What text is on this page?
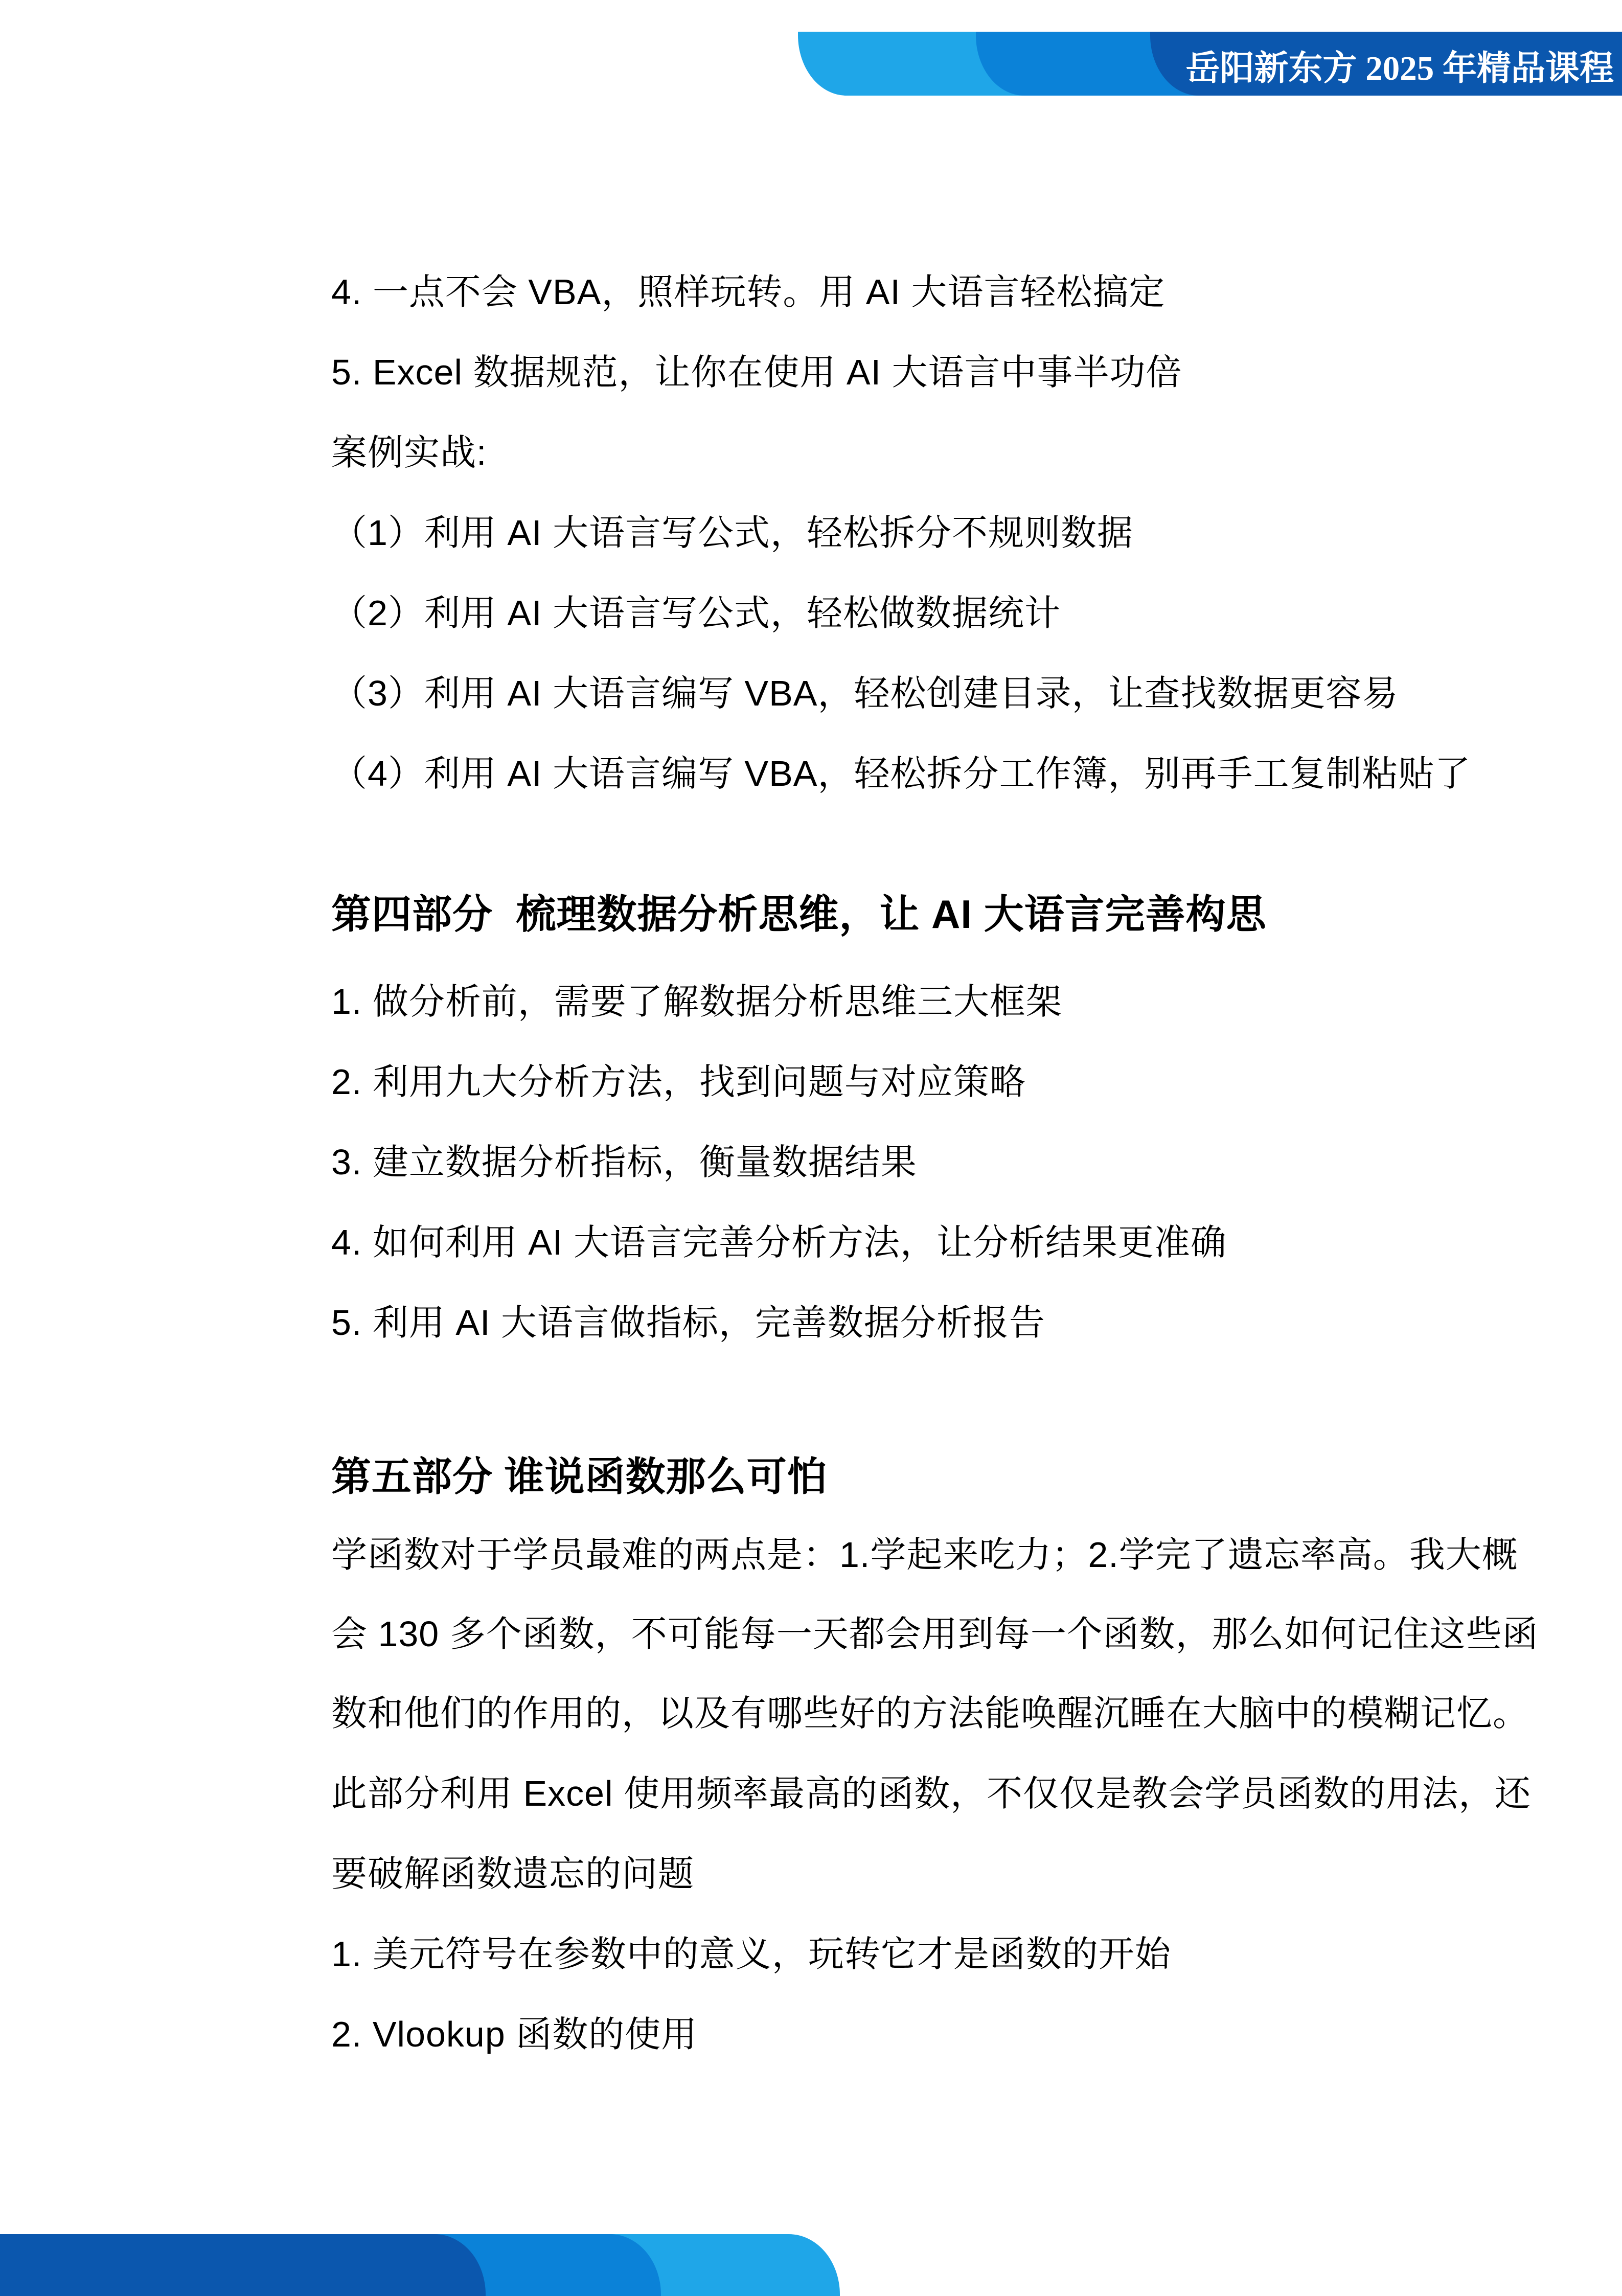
岳阳新东方 2025 年精品课程
4. 一点不会 VBA，照样玩转。用 AI 大语言轻松搞定
5. Excel 数据规范，让你在使用 AI 大语言中事半功倍
案例实战:
（1）利用 AI 大语言写公式，轻松拆分不规则数据
（2）利用 AI 大语言写公式，轻松做数据统计
（3）利用 AI 大语言编写 VBA，轻松创建目录，让查找数据更容易
（4）利用 AI 大语言编写 VBA，轻松拆分工作簿，别再手工复制粘贴了
第四部分  梳理数据分析思维，让 AI 大语言完善构思
1. 做分析前，需要了解数据分析思维三大框架
2. 利用九大分析方法，找到问题与对应策略
3. 建立数据分析指标，衡量数据结果
4. 如何利用 AI 大语言完善分析方法，让分析结果更准确
5. 利用 AI 大语言做指标，完善数据分析报告
第五部分 谁说函数那么可怕
学函数对于学员最难的两点是：1.学起来吃力；2.学完了遗忘率高。我大概
会 130 多个函数，不可能每一天都会用到每一个函数，那么如何记住这些函
数和他们的作用的，以及有哪些好的方法能唤醒沉睡在大脑中的模糊记忆。
此部分利用 Excel 使用频率最高的函数，不仅仅是教会学员函数的用法，还
要破解函数遗忘的问题
1. 美元符号在参数中的意义，玩转它才是函数的开始
2. Vlookup 函数的使用
